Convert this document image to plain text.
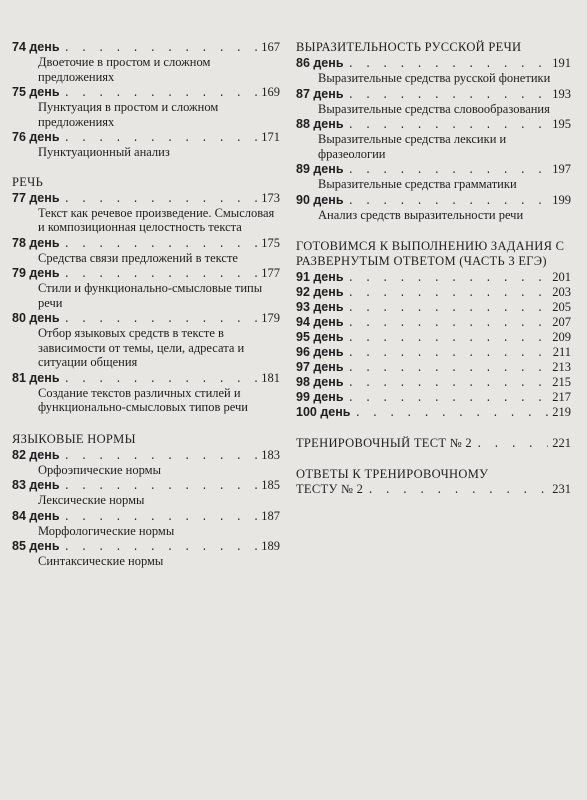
74 день . . .	167
Двоеточие в простом и сложном предложениях
75 день . . .	169
Пунктуация в простом и сложном предложениях
76 день . . .	171
Пунктуационный анализ
РЕЧЬ
77 день . . .	173
Текст как речевое произведение. Смысловая и композиционная целостность текста
78 день . . .	175
Средства связи предложений в тексте
79 день . . .	177
Стили и функционально-смысловые типы речи
80 день . . .	179
Отбор языковых средств в тексте в зависимости от темы, цели, адресата и ситуации общения
81 день . . .	181
Создание текстов различных стилей и функционально-смысловых типов речи
ЯЗЫКОВЫЕ НОРМЫ
82 день . . .	183
Орфоэпические нормы
83 день . . .	185
Лексические нормы
84 день . . .	187
Морфологические нормы
85 день . . .	189
Синтаксические нормы
ВЫРАЗИТЕЛЬНОСТЬ РУССКОЙ РЕЧИ
86 день . . .	191
Выразительные средства русской фонетики
87 день . . .	193
Выразительные средства словообразования
88 день . . .	195
Выразительные средства лексики и фразеологии
89 день . . .	197
Выразительные средства грамматики
90 день . . .	199
Анализ средств выразительности речи
ГОТОВИМСЯ К ВЫПОЛНЕНИЮ ЗАДАНИЯ С РАЗВЕРНУТЫМ ОТВЕТОМ (ЧАСТЬ 3 ЕГЭ)
91 день . . .	201
92 день . . .	203
93 день . . .	205
94 день . . .	207
95 день . . .	209
96 день . . .	211
97 день . . .	213
98 день . . .	215
99 день . . .	217
100 день . . .	219
ТРЕНИРОВОЧНЫЙ ТЕСТ № 2 . . .	221
ОТВЕТЫ К ТРЕНИРОВОЧНОМУ
ТЕСТУ № 2 . . .	231
